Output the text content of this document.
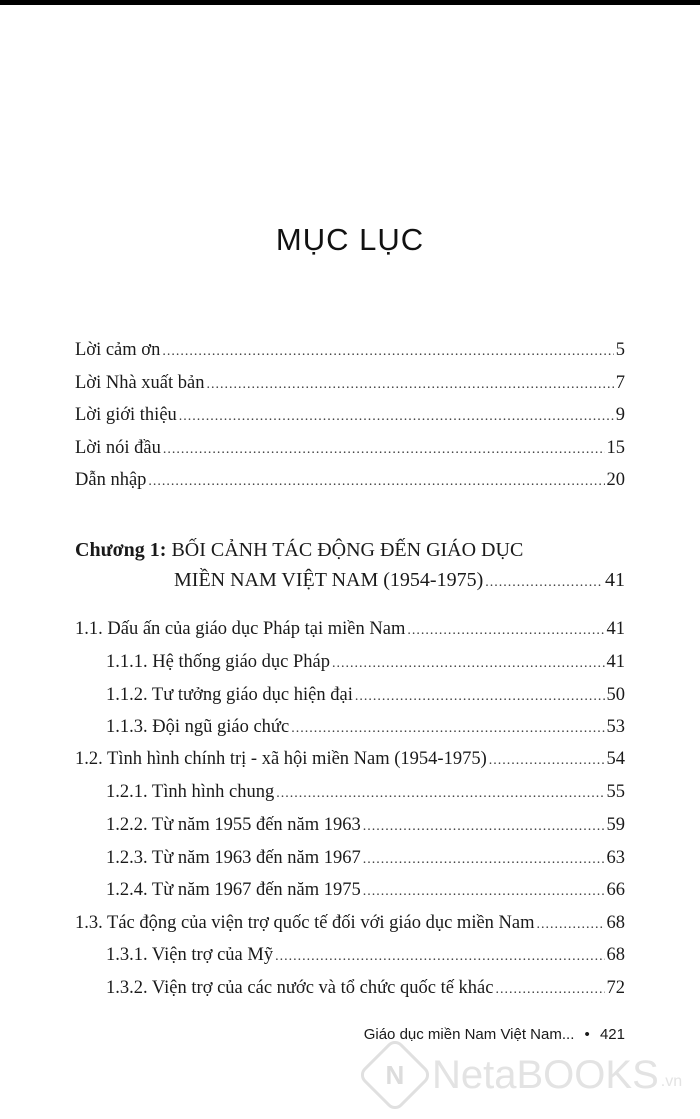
MỤC LỤC
Lời cảm ơn .....	5
Lời Nhà xuất bản .....	7
Lời giới thiệu .....	9
Lời nói đầu .....	15
Dẫn nhập .....	20
Chương 1: BỐI CẢNH TÁC ĐỘNG ĐẾN GIÁO DỤC
MIỀN NAM VIỆT NAM (1954-1975) .....	41
1.1. Dấu ấn của giáo dục Pháp tại miền Nam .....	41
1.1.1. Hệ thống giáo dục Pháp .....	41
1.1.2. Tư tưởng giáo dục hiện đại .....	50
1.1.3. Đội ngũ giáo chức .....	53
1.2. Tình hình chính trị - xã hội miền Nam (1954-1975) .....	54
1.2.1. Tình hình chung .....	55
1.2.2. Từ năm 1955 đến năm 1963 .....	59
1.2.3. Từ năm 1963 đến năm 1967 .....	63
1.2.4. Từ năm 1967 đến năm 1975 .....	66
1.3. Tác động của viện trợ quốc tế đối với giáo dục miền Nam .....	68
1.3.1. Viện trợ của Mỹ .....	68
1.3.2. Viện trợ của các nước và tổ chức quốc tế khác .....	72
Giáo dục miền Nam Việt Nam... • 421
N NetaBOOKS .vn
